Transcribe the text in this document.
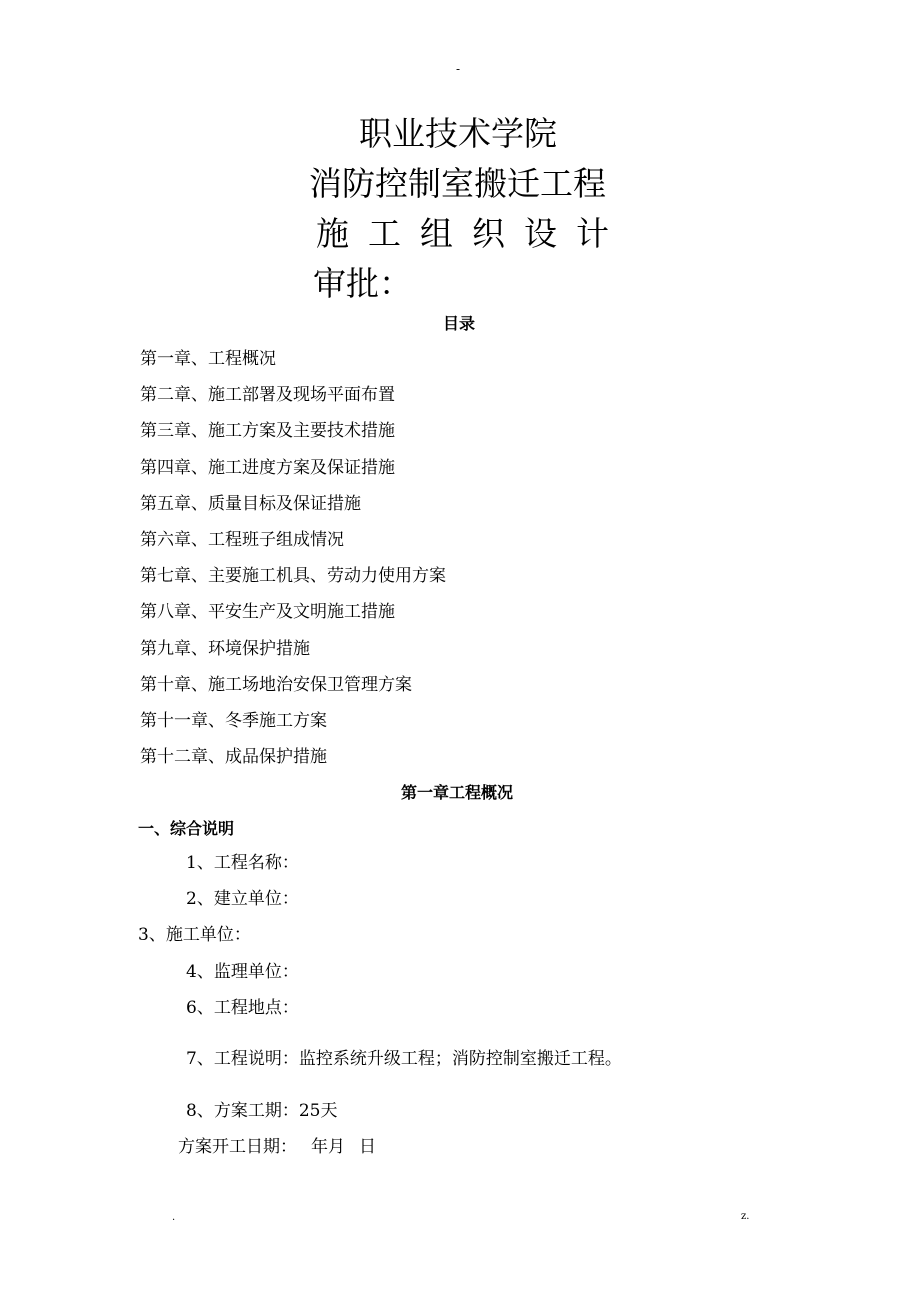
-
职业技术学院
消防控制室搬迁工程
施工组织设计
审批：
目录
第一章、工程概况
第二章、施工部署及现场平面布置
第三章、施工方案及主要技术措施
第四章、施工进度方案及保证措施
第五章、质量目标及保证措施
第六章、工程班子组成情况
第七章、主要施工机具、劳动力使用方案
第八章、平安生产及文明施工措施
第九章、环境保护措施
第十章、施工场地治安保卫管理方案
第十一章、冬季施工方案
第十二章、成品保护措施
第一章工程概况
一、综合说明
1、工程名称：
2、建立单位：
3、施工单位：
4、监理单位：
6、工程地点：
7、工程说明：监控系统升级工程；消防控制室搬迁工程。
8、方案工期：25天
方案开工日期： 年月 日
.	z.
